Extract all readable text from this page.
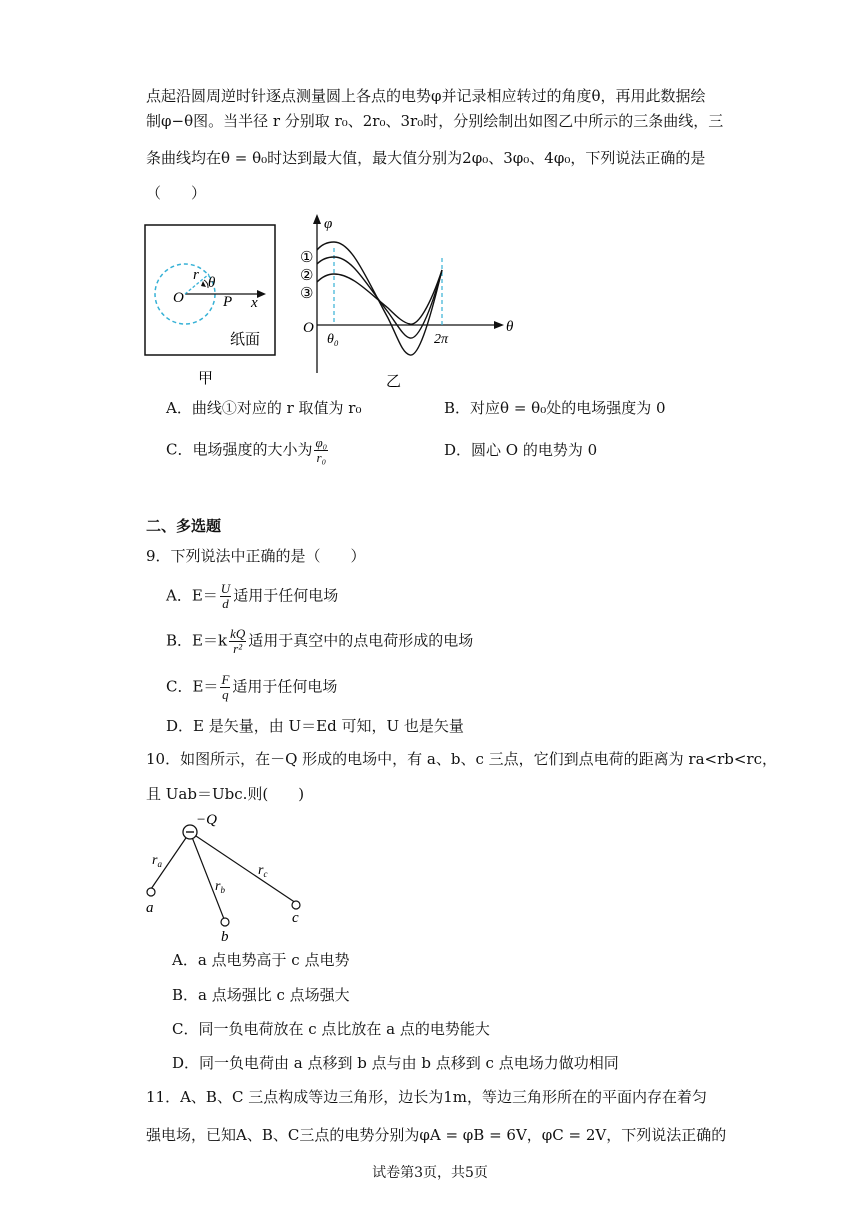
点起沿圆周逆时针逐点测量圆上各点的电势φ并记录相应转过的角度θ，再用此数据绘
制φ−θ图。当半径 r 分别取 r₀、2r₀、3r₀时，分别绘制出如图乙中所示的三条曲线，三
条曲线均在θ = θ₀时达到最大值，最大值分别为2φ₀、3φ₀、4φ₀，下列说法正确的是
（　　）
r θ
O	P x
纸面
甲
①
②
③
φ
θ
O
θ₀	2π
乙
A．曲线①对应的 r 取值为 r₀	B．对应θ = θ₀处的电场强度为 0
C．电场强度的大小为 $\frac{\text{φ₀}}{\text{r₀}}$	D．圆心 O 的电势为 0
二、多选题
9．下列说法中正确的是（　　）
A．$E= \frac{U}{d}$ 适用于任何电场
B．$E=k \frac{kQ}{\text{r²}}$ 适用于真空中的点电荷形成的电场
C．$E= \frac{F}{q}$ 适用于任何电场
D．E 是矢量，由 U＝Ed 可知，U 也是矢量
10．如图所示，在－Q 形成的电场中，有 a、b、c 三点，它们到点电荷的距离为 ra<rb<rc，
且 Uab＝Ubc.则(　　)
−Q
$r_a$
$r_b$
$r_c$
a
b
c
A．a 点电势高于 c 点电势
B．a 点场强比 c 点场强大
C．同一负电荷放在 c 点比放在 a 点的电势能大
D．同一负电荷由 a 点移到 b 点与由 b 点移到 c 点电场力做功相同
11．A、B、C 三点构成等边三角形，边长为1m，等边三角形所在的平面内存在着匀
强电场，已知A、B、C三点的电势分别为φA = φB = 6V，φC = 2V，下列说法正确的
试卷第3页，共5页
